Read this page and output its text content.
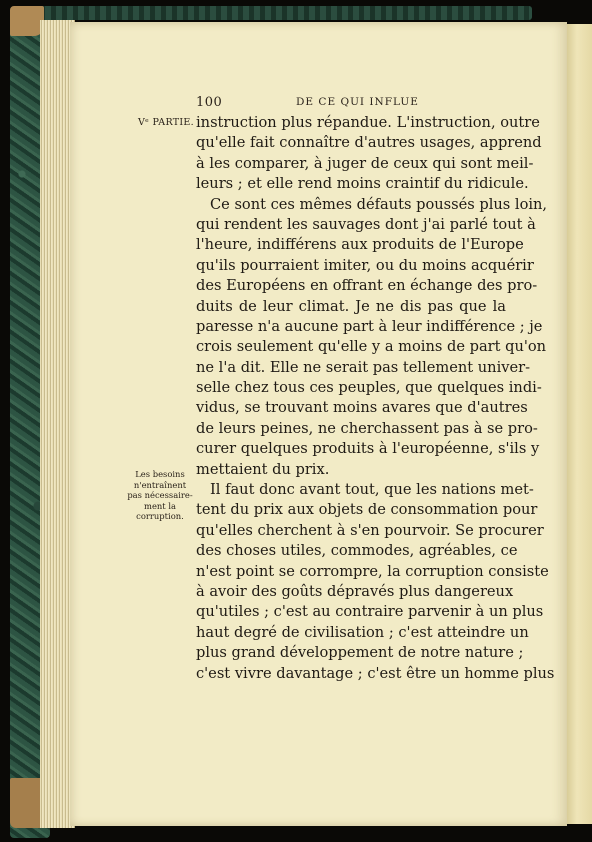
100	DE CE QUI INFLUE
Vᵉ PARTIE.
Les besoins
n'entraînent
pas nécessaire-
ment la
corruption.
instruction plus répandue. L'instruction, outre
qu'elle fait connaître d'autres usages, apprend
à les comparer, à juger de ceux qui sont meil-
leurs ; et elle rend moins craintif du ridicule.
Ce sont ces mêmes défauts poussés plus loin,
qui rendent les sauvages dont j'ai parlé tout à
l'heure, indifférens aux produits de l'Europe
qu'ils pourraient imiter, ou du moins acquérir
des Européens en offrant en échange des pro-
duits de leur climat. Je ne dis pas que la
paresse n'a aucune part à leur indifférence ; je
crois seulement qu'elle y a moins de part qu'on
ne l'a dit. Elle ne serait pas tellement univer-
selle chez tous ces peuples, que quelques indi-
vidus, se trouvant moins avares que d'autres
de leurs peines, ne cherchassent pas à se pro-
curer quelques produits à l'européenne, s'ils y
mettaient du prix.
Il faut donc avant tout, que les nations met-
tent du prix aux objets de consommation pour
qu'elles cherchent à s'en pourvoir. Se procurer
des choses utiles, commodes, agréables, ce
n'est point se corrompre, la corruption consiste
à avoir des goûts dépravés plus dangereux
qu'utiles ; c'est au contraire parvenir à un plus
haut degré de civilisation ; c'est atteindre un
plus grand développement de notre nature ;
c'est vivre davantage ; c'est être un homme plus
